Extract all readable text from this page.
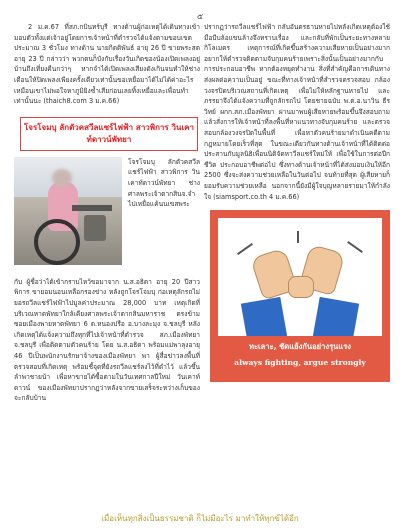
๕

2 ม.ค.67 ที่สภ.กบินทร์บุรี ทางด้านผู้ก่อเหตุได้เดินทางเข้ามอบตัวทั้งแต่เจ้าอยู่โดยการเจ้าหน้าที่ตำรวจได้แจ้งตามขอบเขตประมาณ 3 ชั่วโมง ทางด้าน นายกิตติพันธ์ อายุ 26 ปี ขายพระสด อายุ 23 ปี กล่าวว่า พวกตนก็บังกับเรื่องวันเกิดของน้องเปิดเพลงอยู่บ้านถึงเที่ยงคืนกว่าๆ หากจำได้เปิดเพลงเสียงดังเกินจนทำให้ช่างเตือนให้ปิดเพลงเพียงครั้งเดียวเท่านั้นขอเหยื่อมาได้ไม่ได้ค่าอะไร เหมือนเขาไม่พอใจหาภูมิยิงซ้ำเสียก่อนเลยทิ้งเหยื่อและเพื่อนทำเท่านั้นนะ (thaich8.com 3 ม.ค.66)

โจรโจมบุ ลักตัวคสวีลแชร์ไฟฟ้า สาวพิการ วินเคาท์ดาวน์พัทยา

โจรโจมบุ ลักตัวคสวีลแชร์ไฟฟ้า สาวพิการ วินเคาท์ดาวน์พัทยา ช่างศาลพระเจ้าตากสินจ.จำไปเหยื่อแค้นนเขสพระ

กับ ผู้ชื่อว่าได้เข้ากราบไหว้ขอมาจาก น.ส.อธิดา อายุ 20 ปีสาวพิการ ขายอมนอนเหลือกรองข่าง หลังถูกโจรโจมบุ ก่อเหตุลักรถไม่ยอรถวีลแชร์ไฟฟ้าไปมูลค่าประมาณ 28,000 บาท เหตุเกิดที่บริเวณหาดพัทยาใกล้เคียงศาลพระเจ้าตากสินมหาราช ตรงข้ามซอยเมืองพายหาดพัทยา 6 ต.หนองปรือ อ.บางละมุง จ.ชลบุรี หลังเกิดเหตุได้แจ้งความถึงทุกที่ไปเจ้าหน้าที่ตำรวจ สภ.เมืองพัทยา จ.ชลบุรี เพื่อติดตามตัวคนร้าย โดย น.ส.อธิดา พร้อมแม่พาลุงอายุ 46 ปีเป็นพนักงานรักษาจ้างของเมืองพัทยา พา ผู้สื่อข่าวลงพื้นที่ตรวจสอบที่เกิดเหตุ พร้อมชี้จุดที่ยังรถวีลแชร์ลงไว้ที่ดำไว้ แล้วขึ้นลำพาชายน้า เพื่อหาขายได้ซื้อตามในวันเทศกาลปีใหม่ วันเคาท์ดาวน์ ของเมืองพัทยาปรากฏว่าหลังจากขายเสร็จระหว่างเก็บของจะกลับบ้าน

ปรากฏว่ารถวีลแชร์ไฟฟ้า กลับอันตรธานหายไปหลังเกิดเหตุต้องใช้มือบีบล้อแขนล้างจึงทราบเรื่อง และกลับที่พักเป็นระยะทางหลายกิโลเมตร เหตุการณ์ที่เกิดขึ้นสร้างความเสียหายเป็นอย่างมาก อยากให้ตำรวจติดตามจับกุมคนร้ายเพราะสิ่งนั้นเป็นอย่างมากกับการประกอบอาชีพ หากต้องหยุดทำงาน สิ่งที่สำคัญคือการเดินทาง ส่งผลต่อความเป็นอยู่ ขณะที่ทางเจ้าหน้าที่สำรวจตรวจสอบ กล้องวงจรปิดบริเวณสถานที่เกิดเหตุ เพื่อไม่ให้หลักฐานหายไป และภรรยาจึงได้แจ้งความที่ถูกลักรถไป โดยชายฉบับ พ.ต.อ.นาวิน ธีรวิทย์ ผกก.สภ.เมืองพัทยา ผ่านมาพบผู้เสียหายพร้อมขึ้นจึงสอบถามแล้วสั่งการให้เจ้าหน้าที่ลงพื้นที่หาแนวทางจับกุมคนร้าย และตรวจสอบกล้องวงจรปิดในพื้นที่ เพื่อหาตัวคนร้ายมาดำเนินคดีตามกฎหมายโดยเร็วที่สุด ในขณะเดียวกันทางด้านเจ้าหน้าที่ได้ติดต่อประสานกับมูลนิธิเพื่อนนิติจัดหาวีลแชร์ใหม่ให้ เพื่อใช้ในการต่อปีกชีวิต ประกอบอาชีพต่อไป ซึ่งทางด้านเจ้าหน้าที่ได้ส่งมอบเงินให้อีก 2500 ซึ่งจะส่งความช่วยเหลือในวันต่อไป จนท้ายที่สุด ผู้เสียหายก็ยอมรับความช่วยเหลือ นอกจากนี้ยังมีผู้ใจบุญหลายรายมาให้กำลังใจ (siamsport.co.th 4 ม.ค.66)

ทะเลาะ, ชัดแย้งกันอย่างรุนแรง
always fighting, argue strongly
เมื่อเห็นทุกสิ่งเป็นธรรมชาติ ก็ไม่มีอะไร มาทำให้ทุกข์ได้อีก
